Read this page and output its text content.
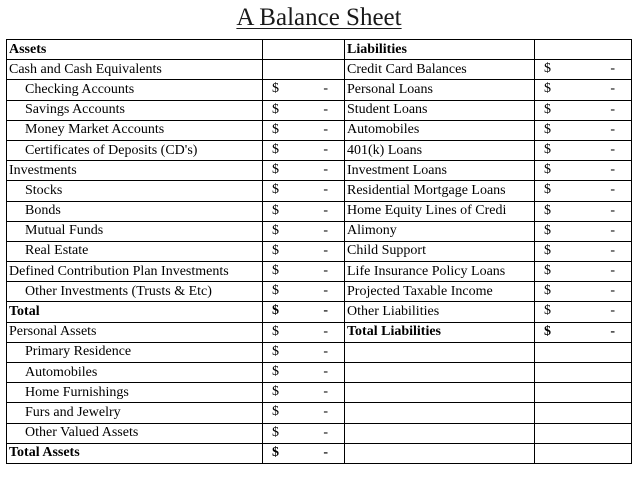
A Balance Sheet
Assets		Liabilities	
Cash and Cash Equivalents		Credit Card Balances	$ -

Checking Accounts	$ -	Personal Loans	$ -

Savings Accounts	$ -	Student Loans	$ -

Money Market Accounts	$ -	Automobiles	$ -

Certificates of Deposits (CD's)	$ -	401(k) Loans	$ -

Investments	$ -	Investment Loans	$ -

Stocks	$ -	Residential Mortgage Loans	$ -

Bonds	$ -	Home Equity Lines of Credi	$ -

Mutual Funds	$ -	Alimony	$ -

Real Estate	$ -	Child Support	$ -

Defined Contribution Plan Investments	$ -	Life Insurance Policy Loans	$ -

Other Investments (Trusts & Etc)	$ -	Projected Taxable Income	$ -

Total	$ -	Other Liabilities	$ -

Personal Assets	$ -	Total Liabilities	$ -

Primary Residence	$ -		

Automobiles	$ -		

Home Furnishings	$ -		

Furs and Jewelry	$ -		

Other Valued Assets	$ -		

Total Assets	$ -		
